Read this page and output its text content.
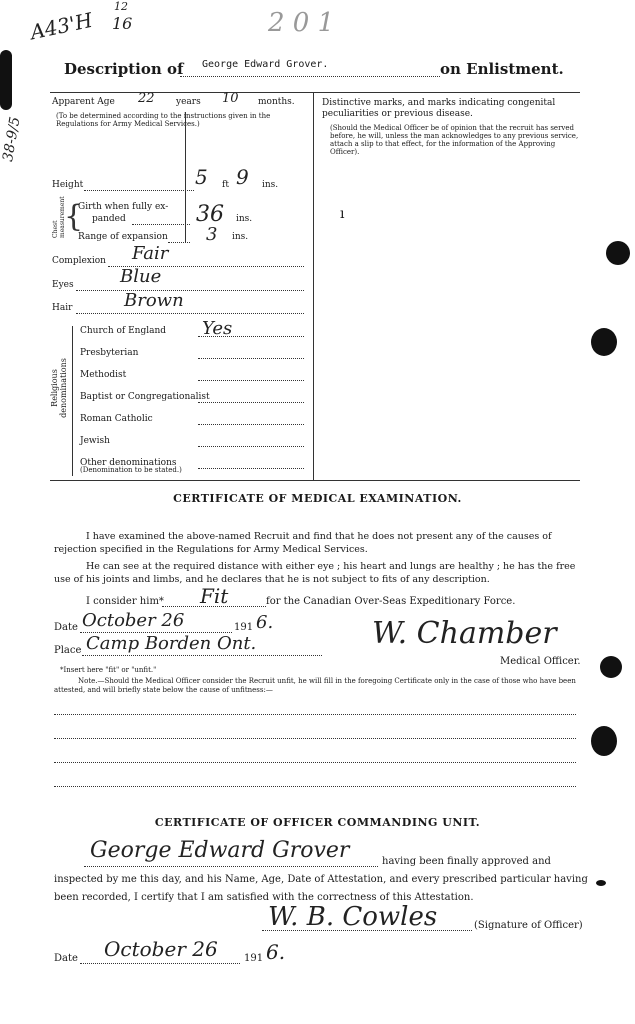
A43'H 16
12
2 0 1
38-9/5
Description of George Edward Grover.	on Enlistment.
Apparent Age 22 years 10 months.
(To be determined according to the instructions given in the Regulations for Army Medical Services.)
Height	5 ft 9 ins.
Chest measurement
{
Girth when fully ex-
panded	36 ins.
Range of expansion 3 ins.
Complexion Fair
Eyes	Blue
Hair	Brown
Religious denominations
Church of England Yes
Presbyterian
Methodist
Baptist or Congregationalist
Roman Catholic
Jewish
Other denominations
(Denomination to be stated.)
Distinctive marks, and marks indicating congenital peculiarities or previous disease.
(Should the Medical Officer be of opinion that the recruit has served before, he will, unless the man acknowledges to any previous service, attach a slip to that effect, for the information of the Approving Officer).
ı
CERTIFICATE OF MEDICAL EXAMINATION.
I have examined the above-named Recruit and find that he does not present any of the causes of rejection specified in the Regulations for Army Medical Services.
He can see at the required distance with either eye ; his heart and lungs are healthy ; he has the free use of his joints and limbs, and he declares that he is not subject to fits of any description.
I consider him* Fit	for the Canadian Over-Seas Expeditionary Force.
Date October 26	191 6.
Place Camp Borden Ont.	W. Chamber
Medical Officer.
*Insert here "fit" or "unfit."
Note.—Should the Medical Officer consider the Recruit unfit, he will fill in the foregoing Certificate only in the case of those who have been attested, and will briefly state below the cause of unfitness:—
CERTIFICATE OF OFFICER COMMANDING UNIT.
George Edward Grover	having been finally approved and
inspected by me this day, and his Name, Age, Date of Attestation, and every prescribed particular having
been recorded, I certify that I am satisfied with the correctness of this Attestation.
W. B. Cowles	(Signature of Officer)
Date October 26	191 6.
